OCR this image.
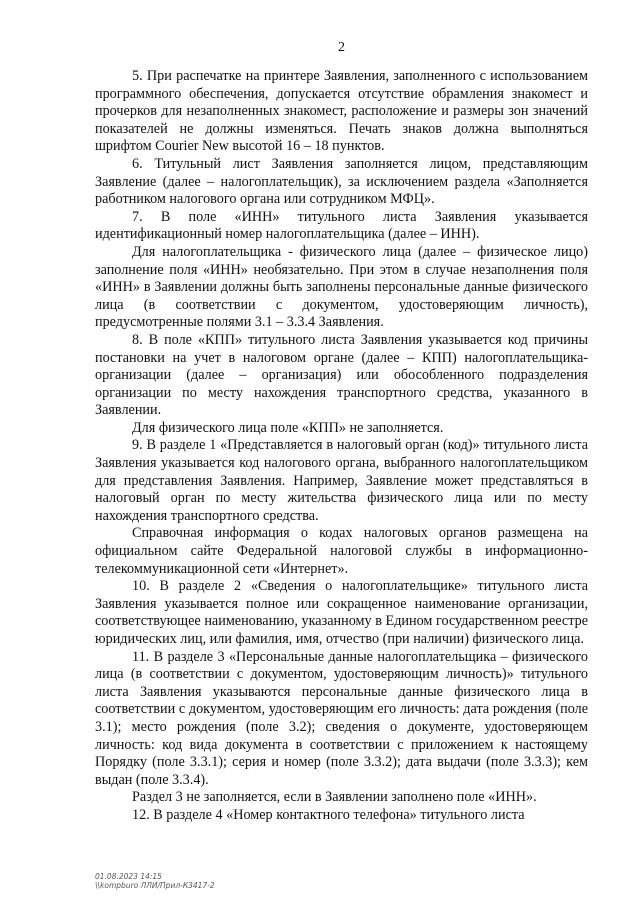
2

5. При распечатке на принтере Заявления, заполненного с использованием программного обеспечения, допускается отсутствие обрамления знакомест и прочерков для незаполненных знакомест, расположение и размеры зон значений показателей не должны изменяться. Печать знаков должна выполняться шрифтом Courier New высотой 16 – 18 пунктов.

6. Титульный лист Заявления заполняется лицом, представляющим Заявление (далее – налогоплательщик), за исключением раздела «Заполняется работником налогового органа или сотрудником МФЦ».

7. В поле «ИНН» титульного листа Заявления указывается идентификационный номер налогоплательщика (далее – ИНН).

Для налогоплательщика - физического лица (далее – физическое лицо) заполнение поля «ИНН» необязательно. При этом в случае незаполнения поля «ИНН» в Заявлении должны быть заполнены персональные данные физического лица (в соответствии с документом, удостоверяющим личность), предусмотренные полями 3.1 – 3.3.4 Заявления.

8. В поле «КПП» титульного листа Заявления указывается код причины постановки на учет в налоговом органе (далее – КПП) налогоплательщика-организации (далее – организация) или обособленного подразделения организации по месту нахождения транспортного средства, указанного в Заявлении.

Для физического лица поле «КПП» не заполняется.

9. В разделе 1 «Представляется в налоговый орган (код)» титульного листа Заявления указывается код налогового органа, выбранного налогоплательщиком для представления Заявления. Например, Заявление может представляться в налоговый орган по месту жительства физического лица или по месту нахождения транспортного средства.

Справочная информация о кодах налоговых органов размещена на официальном сайте Федеральной налоговой службы в информационно-телекоммуникационной сети «Интернет».

10. В разделе 2 «Сведения о налогоплательщике» титульного листа Заявления указывается полное или сокращенное наименование организации, соответствующее наименованию, указанному в Едином государственном реестре юридических лиц, или фамилия, имя, отчество (при наличии) физического лица.

11. В разделе 3 «Персональные данные налогоплательщика – физического лица (в соответствии с документом, удостоверяющим личность)» титульного листа Заявления указываются персональные данные физического лица в соответствии с документом, удостоверяющим его личность: дата рождения (поле 3.1); место рождения (поле 3.2); сведения о документе, удостоверяющем личность: код вида документа в соответствии с приложением к настоящему Порядку (поле 3.3.1); серия и номер (поле 3.3.2); дата выдачи (поле 3.3.3); кем выдан (поле 3.3.4).

Раздел 3 не заполняется, если в Заявлении заполнено поле «ИНН».

12. В разделе 4 «Номер контактного телефона» титульного листа

01.08.2023 14:15
\\kompburo ЛЛИ/Прил-К3417-2
